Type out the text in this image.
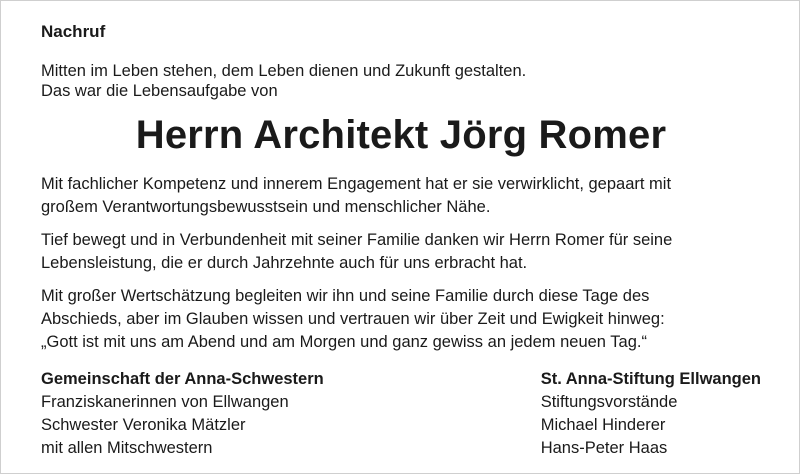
Nachruf
Mitten im Leben stehen, dem Leben dienen und Zukunft gestalten.
Das war die Lebensaufgabe von
Herrn Architekt Jörg Romer
Mit fachlicher Kompetenz und innerem Engagement hat er sie verwirklicht, gepaart mit
großem Verantwortungsbewusstsein und menschlicher Nähe.
Tief bewegt und in Verbundenheit mit seiner Familie danken wir Herrn Romer für seine
Lebensleistung, die er durch Jahrzehnte auch für uns erbracht hat.
Mit großer Wertschätzung begleiten wir ihn und seine Familie durch diese Tage des
Abschieds, aber im Glauben wissen und vertrauen wir über Zeit und Ewigkeit hinweg:
„Gott ist mit uns am Abend und am Morgen und ganz gewiss an jedem neuen Tag.“
Gemeinschaft der Anna-Schwestern
Franziskanerinnen von Ellwangen
Schwester Veronika Mätzler
mit allen Mitschwestern
St. Anna-Stiftung Ellwangen
Stiftungsvorstände
Michael Hinderer
Hans-Peter Haas
